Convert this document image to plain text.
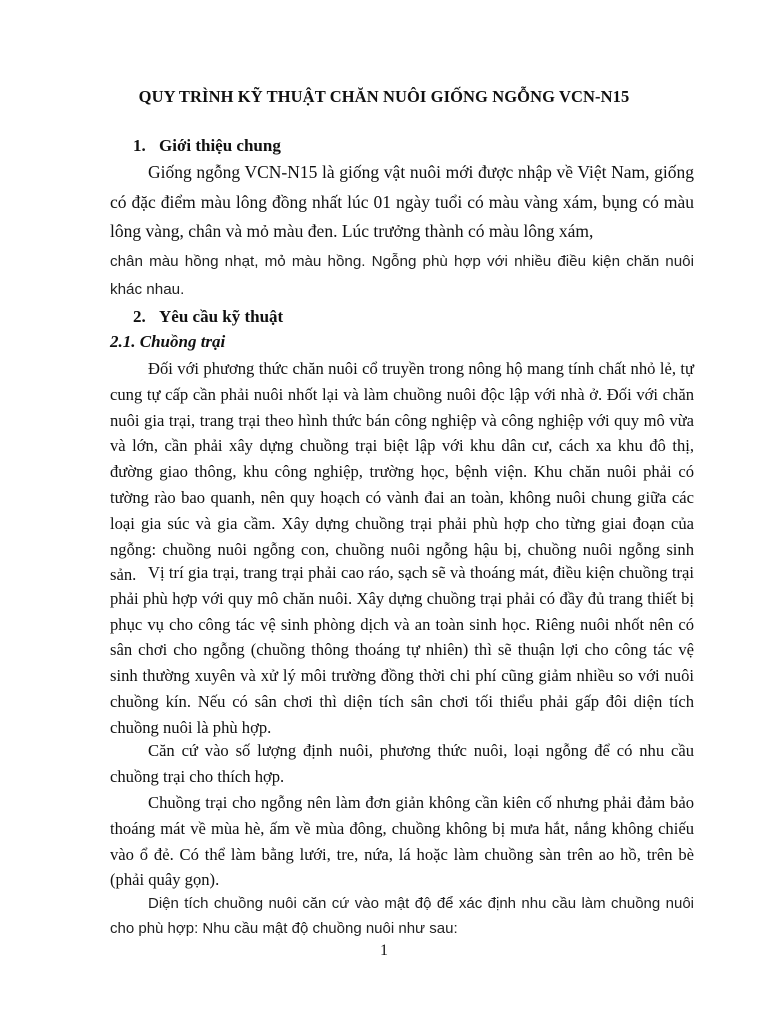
QUY TRÌNH KỸ THUẬT CHĂN NUÔI GIỐNG NGỖNG VCN-N15
1. Giới thiệu chung
Giống ngỗng VCN-N15 là giống vật nuôi mới được nhập về Việt Nam, giống có đặc điểm màu lông đồng nhất lúc 01 ngày tuổi có màu vàng xám, bụng có màu lông vàng, chân và mỏ màu đen. Lúc trưởng thành có màu lông xám,
chân màu hồng nhạt, mỏ màu hồng. Ngỗng phù hợp với nhiều điều kiện chăn nuôi khác nhau.
2. Yêu cầu kỹ thuật
2.1. Chuồng trại
Đối với phương thức chăn nuôi cổ truyền trong nông hộ mang tính chất nhỏ lẻ, tự cung tự cấp cần phải nuôi nhốt lại và làm chuồng nuôi độc lập với nhà ở. Đối với chăn nuôi gia trại, trang trại theo hình thức bán công nghiệp và công nghiệp với quy mô vừa và lớn, cần phải xây dựng chuồng trại biệt lập với khu dân cư, cách xa khu đô thị, đường giao thông, khu công nghiệp, trường học, bệnh viện. Khu chăn nuôi phải có tường rào bao quanh, nên quy hoạch có vành đai an toàn, không nuôi chung giữa các loại gia súc và gia cầm. Xây dựng chuồng trại phải phù hợp cho từng giai đoạn của ngỗng: chuồng nuôi ngỗng con, chuồng nuôi ngỗng hậu bị, chuồng nuôi ngỗng sinh sản. Vị trí gia trại, trang trại phải cao ráo, sạch sẽ và thoáng mát, điều kiện chuồng trại phải phù hợp với quy mô chăn nuôi. Xây dựng chuồng trại phải có đầy đủ trang thiết bị phục vụ cho công tác vệ sinh phòng dịch và an toàn sinh học. Riêng nuôi nhốt nên có sân chơi cho ngỗng (chuồng thông thoáng tự nhiên) thì sẽ thuận lợi cho công tác vệ sinh thường xuyên và xử lý môi trường đồng thời chi phí cũng giảm nhiều so với nuôi chuồng kín. Nếu có sân chơi thì diện tích sân chơi tối thiểu phải gấp đôi diện tích chuồng nuôi là phù hợp.
Căn cứ vào số lượng định nuôi, phương thức nuôi, loại ngỗng để có nhu cầu chuồng trại cho thích hợp.
Chuồng trại cho ngỗng nên làm đơn giản không cần kiên cố nhưng phải đảm bảo thoáng mát về mùa hè, ấm về mùa đông, chuồng không bị mưa hắt, nắng không chiếu vào ổ đẻ. Có thể làm bằng lưới, tre, nứa, lá hoặc làm chuồng sàn trên ao hồ, trên bè (phải quây gọn).
Diện tích chuồng nuôi căn cứ vào mật độ để xác định nhu cầu làm chuồng nuôi cho phù hợp: Nhu cầu mật độ chuồng nuôi như sau:
1
